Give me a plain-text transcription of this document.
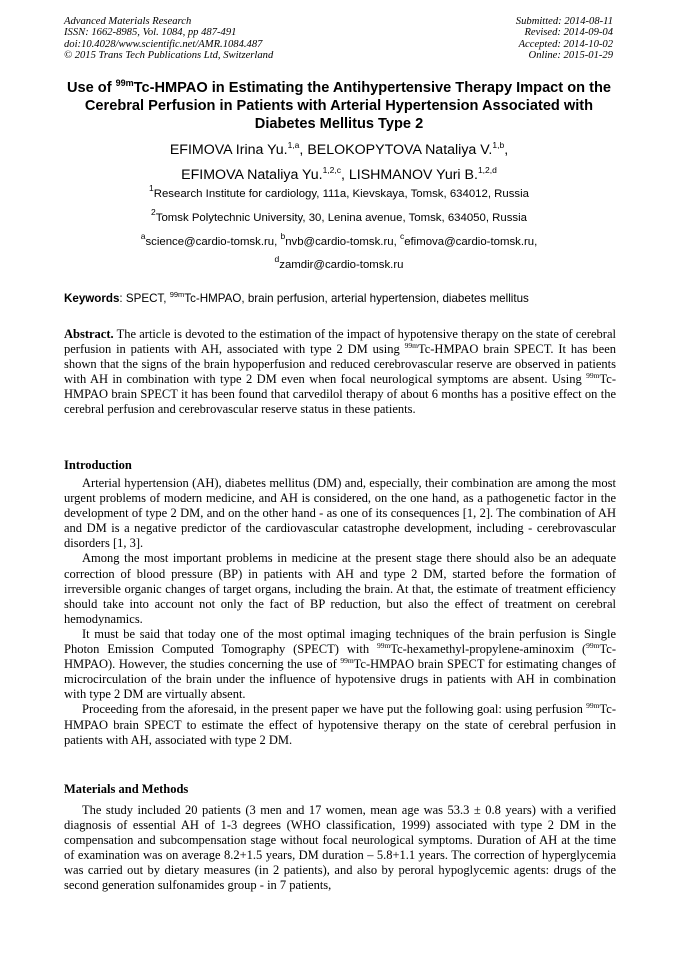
Advanced Materials Research
ISSN: 1662-8985, Vol. 1084, pp 487-491
doi:10.4028/www.scientific.net/AMR.1084.487
© 2015 Trans Tech Publications Ltd, Switzerland
Submitted: 2014-08-11
Revised: 2014-09-04
Accepted: 2014-10-02
Online: 2015-01-29
Use of $^{99m}$Tc-HMPAO in Estimating the Antihypertensive Therapy Impact on the Cerebral Perfusion in Patients with Arterial Hypertension Associated with Diabetes Mellitus Type 2
EFIMOVA Irina Yu.$^{1,a}$, BELOKOPYTOVA Nataliya V.$^{1,b}$,
EFIMOVA Nataliya Yu.$^{1,2,c}$, LISHMANOV Yuri B.$^{1,2,d}$
$^1$Research Institute for cardiology, 111a, Kievskaya, Tomsk, 634012, Russia
$^2$Tomsk Polytechnic University, 30, Lenina avenue, Tomsk, 634050, Russia
$^a$science@cardio-tomsk.ru, $^b$nvb@cardio-tomsk.ru, $^c$efimova@cardio-tomsk.ru,
$^d$zamdir@cardio-tomsk.ru
Keywords: SPECT, $^{99m}$Tc-HMPAO, brain perfusion, arterial hypertension, diabetes mellitus

Abstract. The article is devoted to the estimation of the impact of hypotensive therapy on the state of cerebral perfusion in patients with AH, associated with type 2 DM using $^{99m}$Tc-HMPAO brain SPECT. It has been shown that the signs of the brain hypoperfusion and reduced cerebrovascular reserve are observed in patients with AH in combination with type 2 DM even when focal neurological symptoms are absent. Using $^{99m}$Tc-HMPAO brain SPECT it has been found that carvedilol therapy of about 6 months has a positive effect on the cerebral perfusion and cerebrovascular reserve status in these patients.

Introduction

Arterial hypertension (AH), diabetes mellitus (DM) and, especially, their combination are among the most urgent problems of modern medicine, and AH is considered, on the one hand, as a pathogenetic factor in the development of type 2 DM, and on the other hand - as one of its consequences [1, 2]. The combination of AH and DM is a negative predictor of the cardiovascular catastrophe development, including - cerebrovascular disorders [1, 3].

Among the most important problems in medicine at the present stage there should also be an adequate correction of blood pressure (BP) in patients with AH and type 2 DM, started before the formation of irreversible organic changes of target organs, including the brain. At that, the estimate of treatment efficiency should take into account not only the fact of BP reduction, but also the effect of treatment on cerebral hemodynamics.

It must be said that today one of the most optimal imaging techniques of the brain perfusion is Single Photon Emission Computed Tomography (SPECT) with $^{99m}$Tc-hexamethyl-propylene-aminoxim ($^{99m}$Tc-HMPAO). However, the studies concerning the use of $^{99m}$Tc-HMPAO brain SPECT for estimating changes of microcirculation of the brain under the influence of hypotensive drugs in patients with AH in combination with type 2 DM are virtually absent.

Proceeding from the aforesaid, in the present paper we have put the following goal: using perfusion $^{99m}$Tc-HMPAO brain SPECT to estimate the effect of hypotensive therapy on the state of cerebral perfusion in patients with AH, associated with type 2 DM.

Materials and Methods

The study included 20 patients (3 men and 17 women, mean age was 53.3 ± 0.8 years) with a verified diagnosis of essential AH of 1-3 degrees (WHO classification, 1999) associated with type 2 DM in the compensation and subcompensation stage without focal neurological symptoms. Duration of AH at the time of examination was on average 8.2+1.5 years, DM duration – 5.8+1.1 years. The correction of hyperglycemia was carried out by dietary measures (in 2 patients), and also by peroral hypoglycemic agents: drugs of the second generation sulfonamides group - in 7 patients,
